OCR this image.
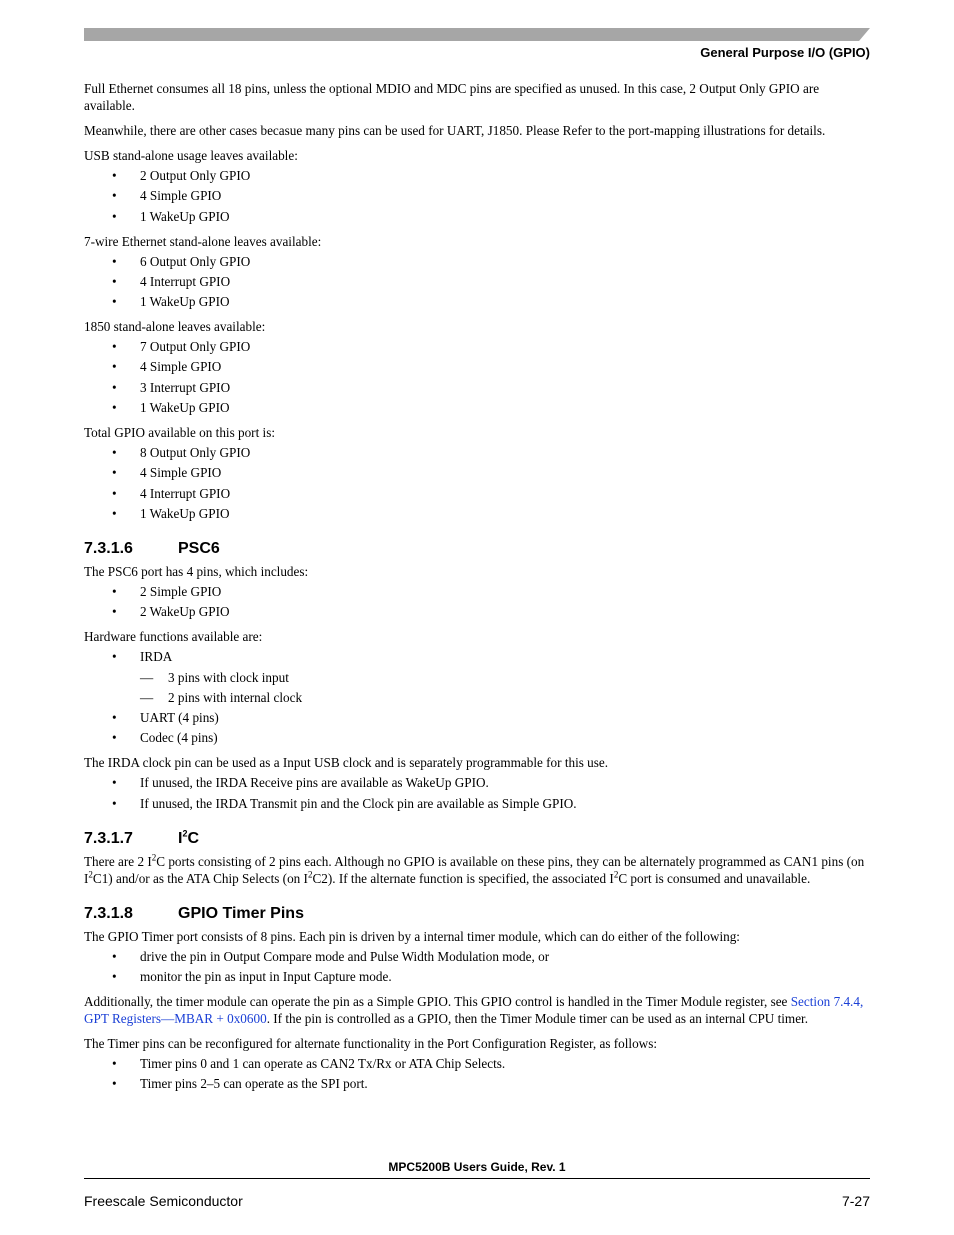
General Purpose I/O (GPIO)

Full Ethernet consumes all 18 pins, unless the optional MDIO and MDC pins are specified as unused. In this case, 2 Output Only GPIO are available.

Meanwhile, there are other cases becasue many pins can be used for UART, J1850. Please Refer to the port-mapping illustrations for details.

USB stand-alone usage leaves available:

• 2 Output Only GPIO
• 4 Simple GPIO
• 1 WakeUp GPIO

7-wire Ethernet stand-alone leaves available:

• 6 Output Only GPIO
• 4 Interrupt GPIO
• 1 WakeUp GPIO

1850 stand-alone leaves available:

• 7 Output Only GPIO
• 4 Simple GPIO
• 3 Interrupt GPIO
• 1 WakeUp GPIO

Total GPIO available on this port is:

• 8 Output Only GPIO
• 4 Simple GPIO
• 4 Interrupt GPIO
• 1 WakeUp GPIO
7.3.1.6	PSC6

The PSC6 port has 4 pins, which includes:

• 2 Simple GPIO
• 2 WakeUp GPIO

Hardware functions available are:

• IRDA
— 3 pins with clock input
— 2 pins with internal clock
• UART (4 pins)
• Codec (4 pins)

The IRDA clock pin can be used as a Input USB clock and is separately programmable for this use.

• If unused, the IRDA Receive pins are available as WakeUp GPIO.
• If unused, the IRDA Transmit pin and the Clock pin are available as Simple GPIO.
7.3.1.7	$I^2C$

There are 2 $I^2C$ ports consisting of 2 pins each. Although no GPIO is available on these pins, they can be alternately programmed as CAN1 pins (on $I^2C1$) and/or as the ATA Chip Selects (on $I^2C2$). If the alternate function is specified, the associated $I^2C$ port is consumed and unavailable.

7.3.1.8	GPIO Timer Pins

The GPIO Timer port consists of 8 pins. Each pin is driven by a internal timer module, which can do either of the following:

• drive the pin in Output Compare mode and Pulse Width Modulation mode, or
• monitor the pin as input in Input Capture mode.

Additionally, the timer module can operate the pin as a Simple GPIO. This GPIO control is handled in the Timer Module register, see Section 7.4.4, GPT Registers—MBAR + 0x0600. If the pin is controlled as a GPIO, then the Timer Module timer can be used as an internal CPU timer.

The Timer pins can be reconfigured for alternate functionality in the Port Configuration Register, as follows:

• Timer pins 0 and 1 can operate as CAN2 Tx/Rx or ATA Chip Selects.
• Timer pins 2–5 can operate as the SPI port.
MPC5200B Users Guide, Rev. 1
Freescale Semiconductor	7-27
